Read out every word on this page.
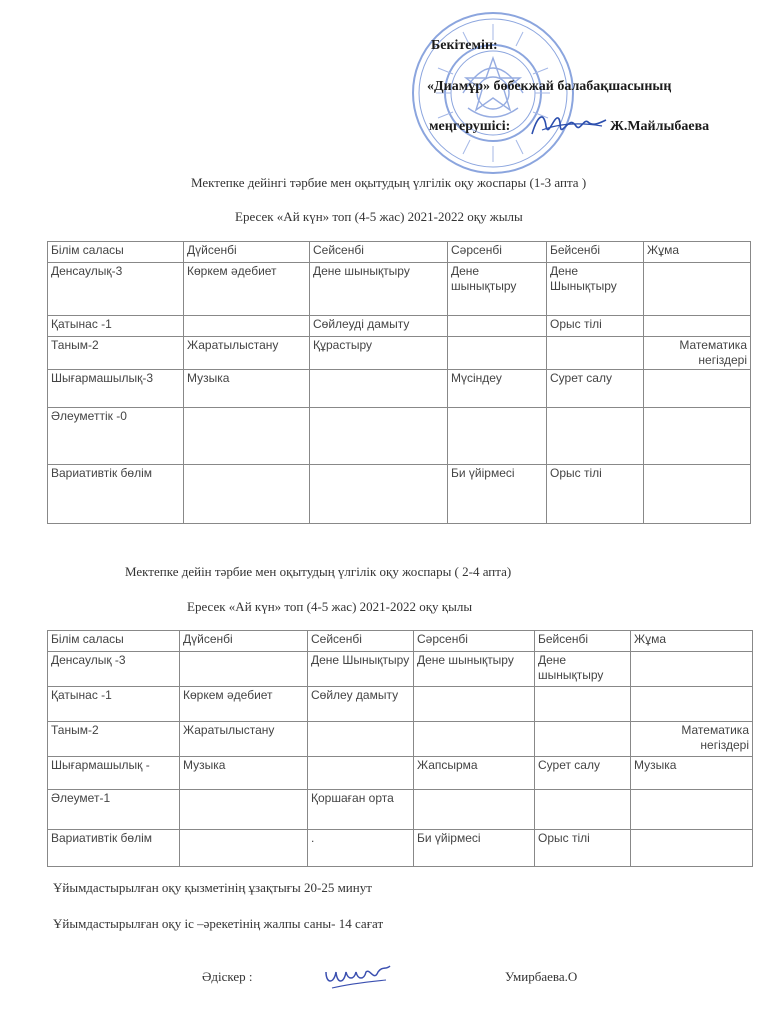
Бекітемін:
«Диамұр» бөбекжай балабақшасының
меңгерушісі:	Ж.Майлыбаева
Мектепке дейінгі тәрбие мен оқытудың үлгілік оқу жоспары (1-3 апта )
Ересек «Ай күн» топ (4-5 жас) 2021-2022 оқу жылы
Білім саласы	Дүйсенбі	Сейсенбі	Сәрсенбі	Бейсенбі	Жұма
Денсаулық-3	Көркем әдебиет	Дене шынықтыру	Дене шынықтыру	Дене Шынықтыру	
Қатынас -1		Сөйлеуді дамыту		Орыс тілі	
Таным-2	Жаратылыстану	Құрастыру			Математика негіздері
Шығармашылық-3	Музыка		Мүсіндеу	Сурет салу	
Әлеуметтік -0					
Вариативтік бөлім			Би үйірмесі	Орыс тілі	
Мектепке дейін тәрбие мен оқытудың үлгілік оқу жоспары ( 2-4 апта)
Ересек «Ай күн» топ (4-5 жас) 2021-2022 оқу қылы
Білім саласы	Дүйсенбі	Сейсенбі	Сәрсенбі	Бейсенбі	Жұма
Денсаулық -3		Дене Шынықтыру	Дене шынықтыру	Дене шынықтыру	
Қатынас -1	Көркем әдебиет	Сөйлеу дамыту			
Таным-2	Жаратылыстану				Математика негіздері
Шығармашылық -	Музыка		Жапсырма	Сурет салу	Музыка
Әлеумет-1		Қоршаған орта			
Вариативтік бөлім		.	Би үйірмесі	Орыс тілі	
Ұйымдастырылған оқу қызметінің ұзақтығы 20-25 минут
Ұйымдастырылған оқу іс –әрекетінің жалпы саны- 14 сағат
Әдіскер :	Умирбаева.О
